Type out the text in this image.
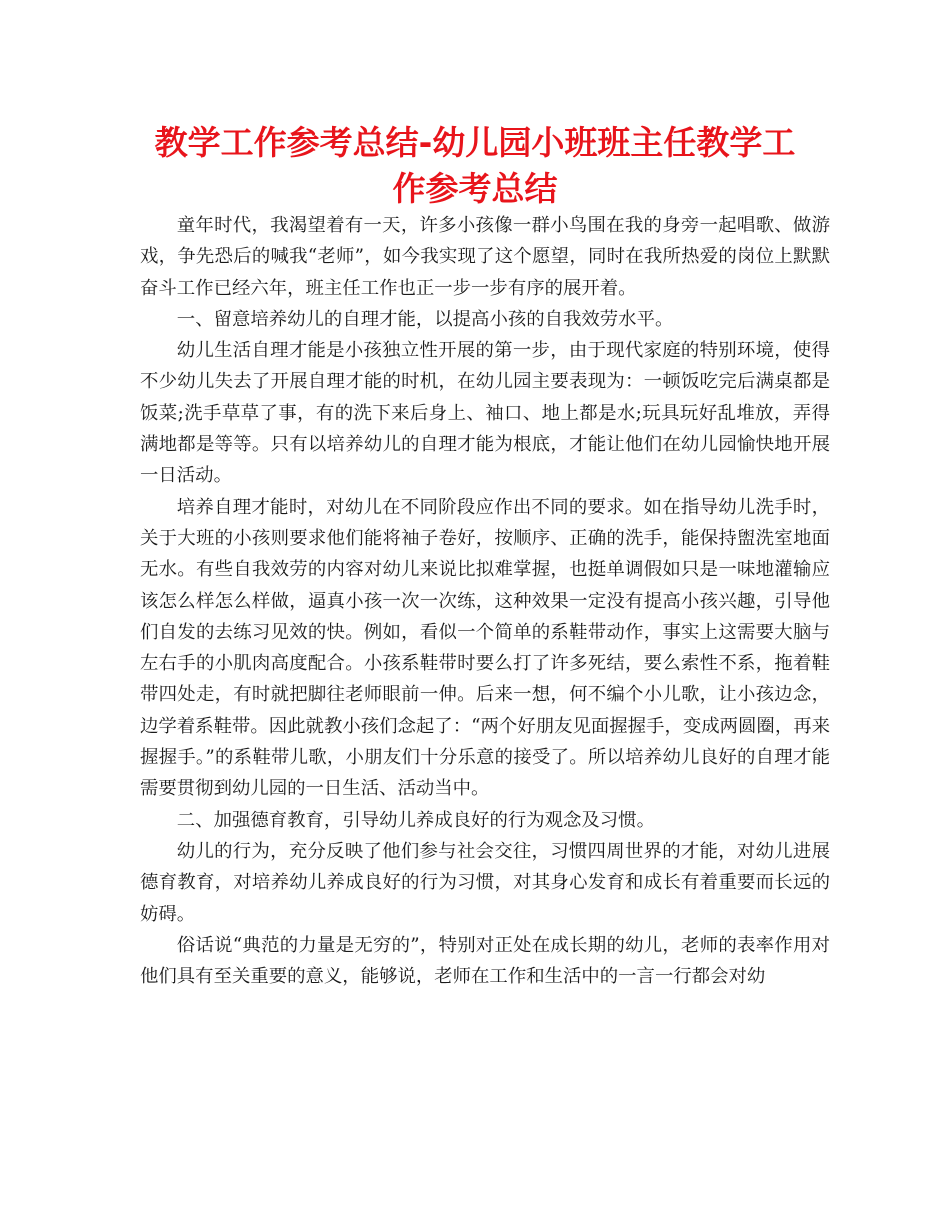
教学工作参考总结-幼儿园小班班主任教学工作参考总结

童年时代，我渴望着有一天，许多小孩像一群小鸟围在我的身旁一起唱歌、做游戏，争先恐后的喊我“老师”，如今我实现了这个愿望，同时在我所热爱的岗位上默默奋斗工作已经六年，班主任工作也正一步一步有序的展开着。

一、留意培养幼儿的自理才能，以提高小孩的自我效劳水平。

幼儿生活自理才能是小孩独立性开展的第一步，由于现代家庭的特别环境，使得不少幼儿失去了开展自理才能的时机，在幼儿园主要表现为：一顿饭吃完后满桌都是饭菜;洗手草草了事，有的洗下来后身上、袖口、地上都是水;玩具玩好乱堆放，弄得满地都是等等。只有以培养幼儿的自理才能为根底，才能让他们在幼儿园愉快地开展一日活动。

培养自理才能时，对幼儿在不同阶段应作出不同的要求。如在指导幼儿洗手时，关于大班的小孩则要求他们能将袖子卷好，按顺序、正确的洗手，能保持盥洗室地面无水。有些自我效劳的内容对幼儿来说比拟难掌握，也挺单调假如只是一味地灌输应该怎么样怎么样做，逼真小孩一次一次练，这种效果一定没有提高小孩兴趣，引导他们自发的去练习见效的快。例如，看似一个简单的系鞋带动作，事实上这需要大脑与左右手的小肌肉高度配合。小孩系鞋带时要么打了许多死结，要么索性不系，拖着鞋带四处走，有时就把脚往老师眼前一伸。后来一想，何不编个小儿歌，让小孩边念，边学着系鞋带。因此就教小孩们念起了：“两个好朋友见面握握手，变成两圆圈，再来握握手。”的系鞋带儿歌，小朋友们十分乐意的接受了。所以培养幼儿良好的自理才能需要贯彻到幼儿园的一日生活、活动当中。

二、加强德育教育，引导幼儿养成良好的行为观念及习惯。

幼儿的行为，充分反映了他们参与社会交往，习惯四周世界的才能，对幼儿进展德育教育，对培养幼儿养成良好的行为习惯，对其身心发育和成长有着重要而长远的妨碍。

俗话说“典范的力量是无穷的”，特别对正处在成长期的幼儿，老师的表率作用对他们具有至关重要的意义，能够说，老师在工作和生活中的一言一行都会对幼
